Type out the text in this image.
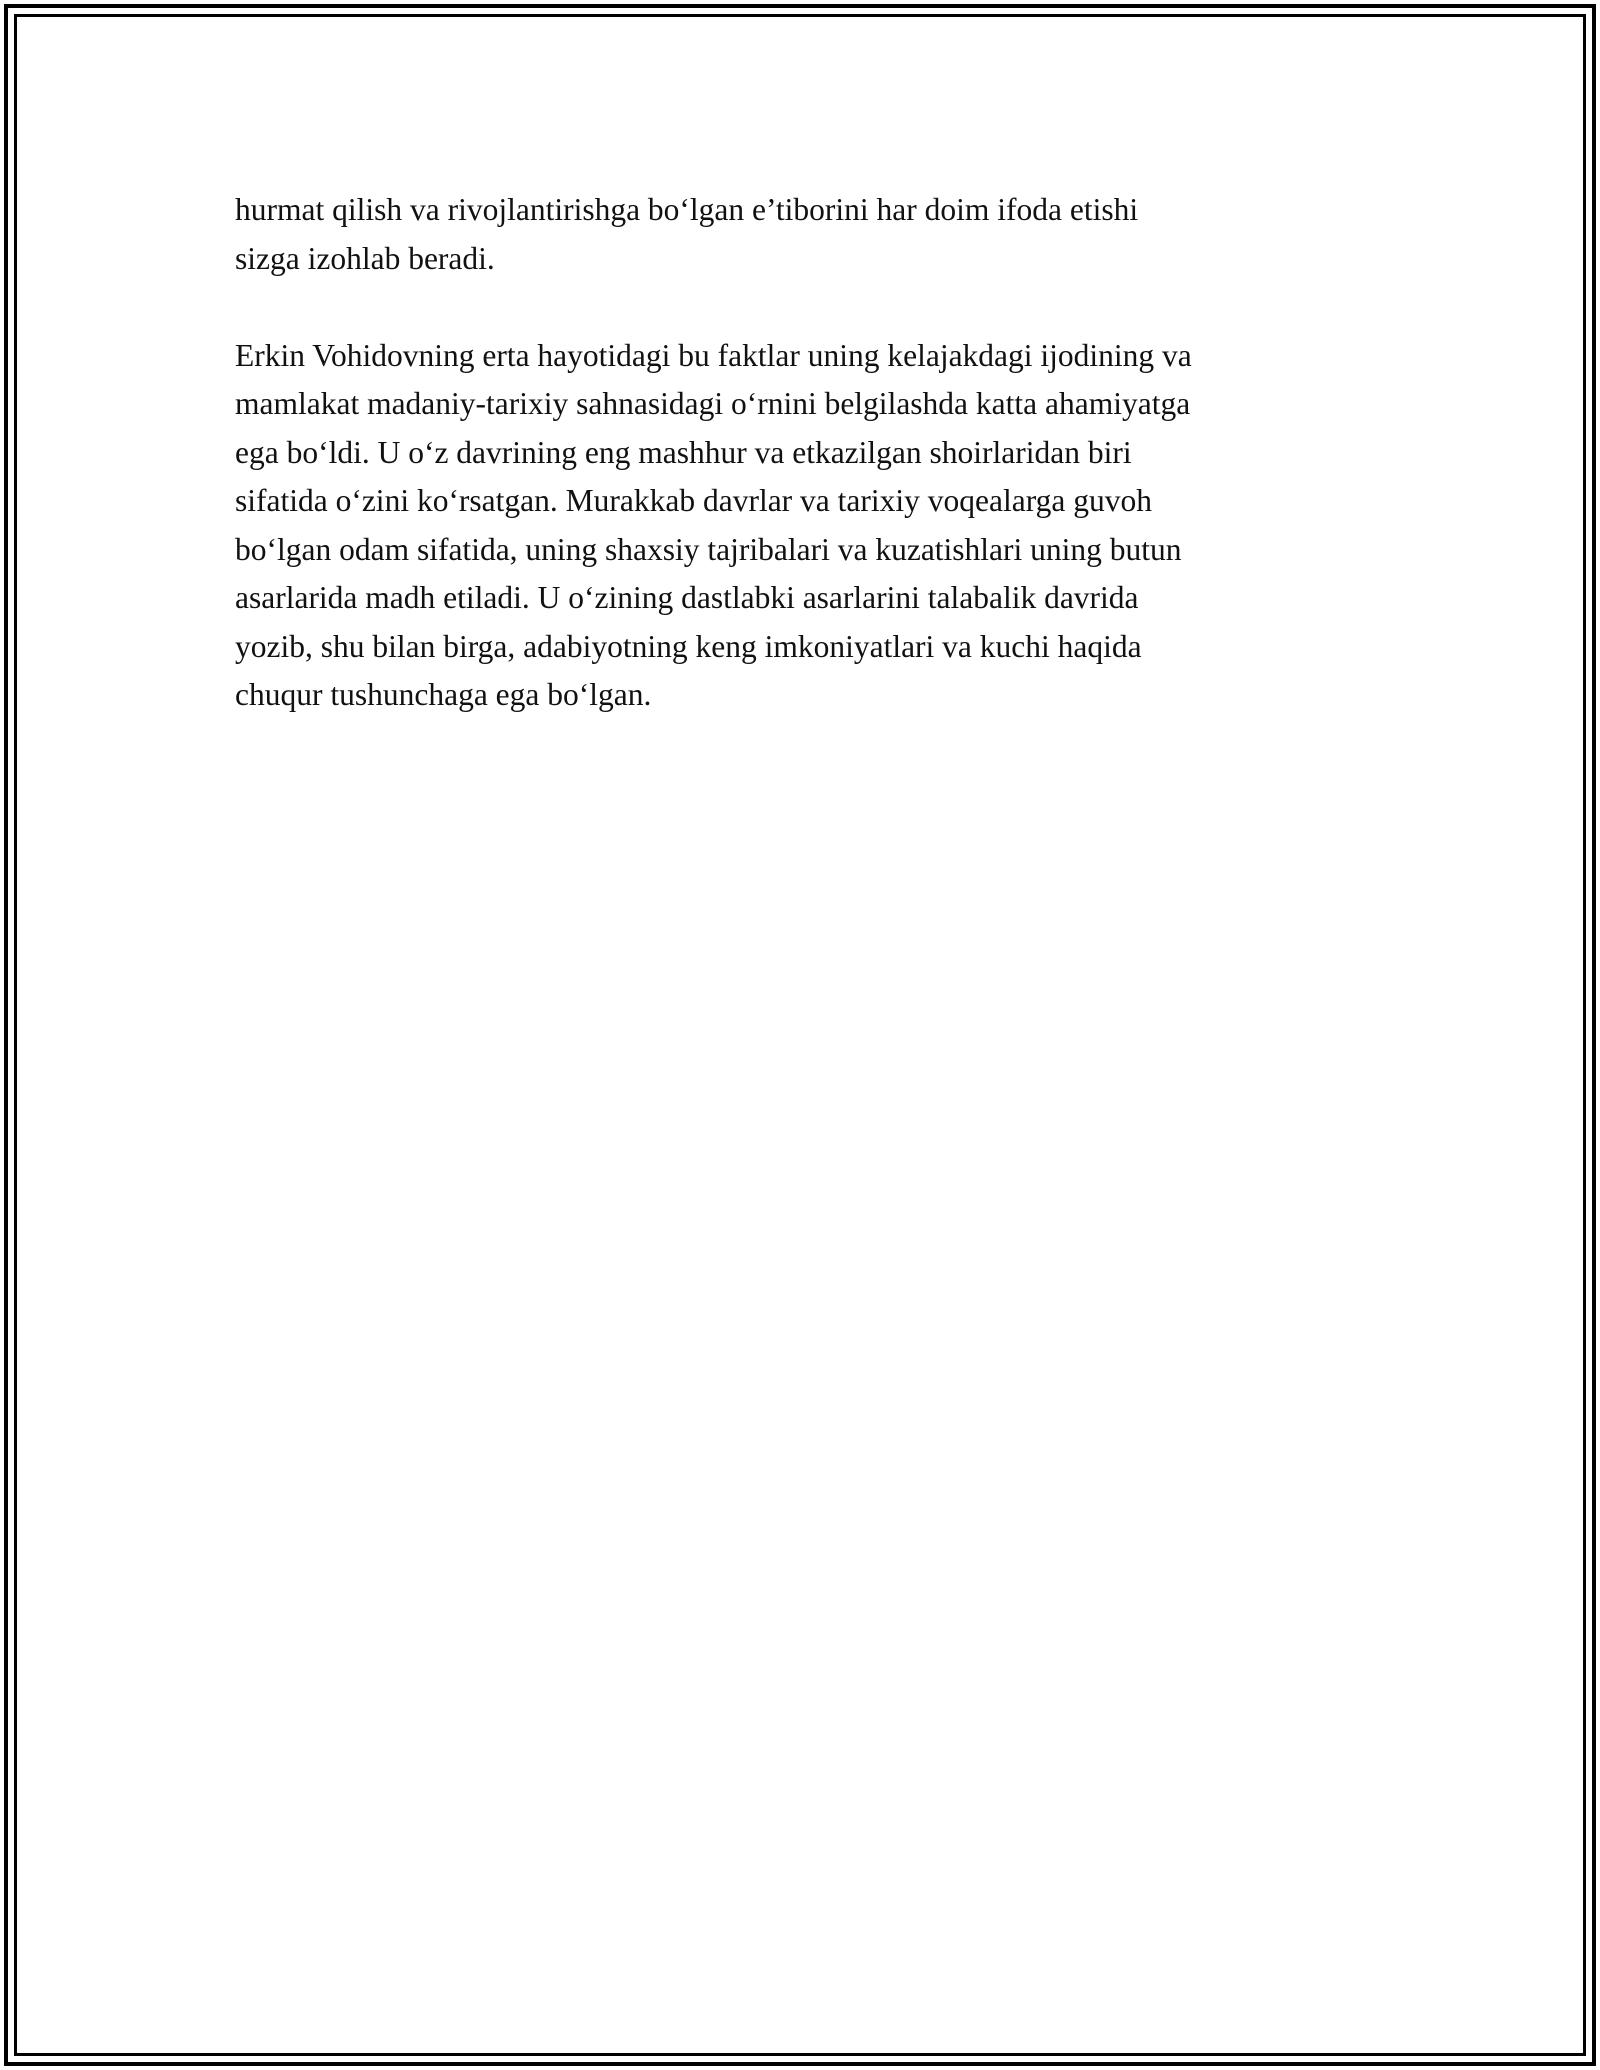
hurmat qilish va rivojlantirishga bo‘lgan e’tiborini har doim ifoda etishi
sizga izohlab beradi.

Erkin Vohidovning erta hayotidagi bu faktlar uning kelajakdagi ijodining va
mamlakat madaniy-tarixiy sahnasidagi o‘rnini belgilashda katta ahamiyatga
ega bo‘ldi. U o‘z davrining eng mashhur va etkazilgan shoirlaridan biri
sifatida o‘zini ko‘rsatgan. Murakkab davrlar va tarixiy voqealarga guvoh
bo‘lgan odam sifatida, uning shaxsiy tajribalari va kuzatishlari uning butun
asarlarida madh etiladi. U o‘zining dastlabki asarlarini talabalik davrida
yozib, shu bilan birga, adabiyotning keng imkoniyatlari va kuchi haqida
chuqur tushunchaga ega bo‘lgan.
